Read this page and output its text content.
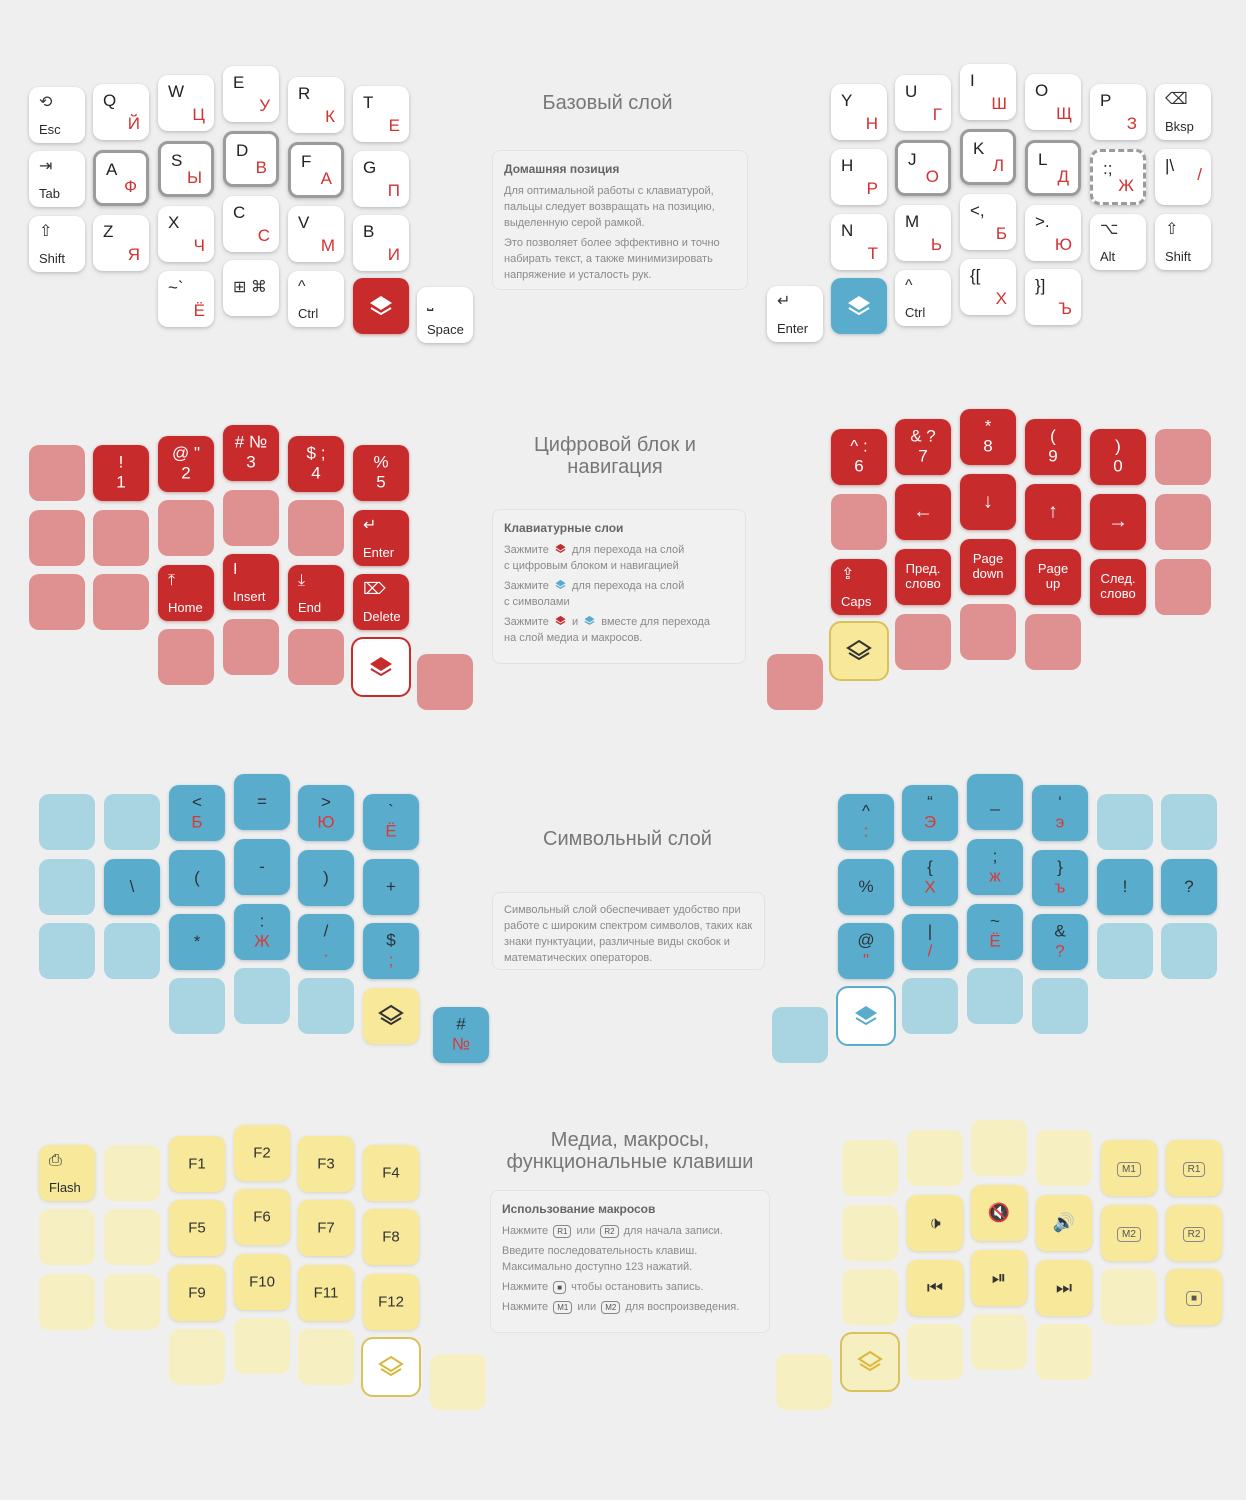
Базовый слой
Домашняя позиция

Для оптимальной работы с клавиатурой, пальцы следует возвращать на позицию, выделенную серой рамкой.

Это позволяет более эффективно и точно набирать текст, а также минимизировать напряжение и усталость рук.

⟲
Esc
Q
Й
W
Ц
E
У
R
К
T
Е
⇥
Tab
A
Ф
S
Ы
D
В F
А
G
П
⇧
Shift
Z
Я
X
Ч
C
С
V
М
B
И
~`
Ё
⊞ ⌘ ^
Ctrl
⎵
Space
Y
Н
U
Г
I
Ш
O
Щ
P
З
⌫
Bksp
H
Р
J
О
K
Л L
Д :;
Ж
|\ /
N
Т
M
Ь
<,
Б
>.
Ю
⌥
Alt
⇧
Shift
↵
Enter
^
Ctrl
{[
Х
}]
Ъ
Цифровой блок и
навигация
Клавиатурные слои

Зажмите для перехода на слой
с цифровым блоком и навигацией

Зажмите для перехода на слой
с символами

Зажмите и вместе для перехода
на слой медиа и макросов.

!
1
@ "
2
# №
3	$ ;
4
%
5
↵
Enter
⤒
Home
I
Insert
⤓
End
⌦
Delete
^ :
6
& ?
7
*
8
(
9
)
0
←	↓	↑	→
⇪
Caps
Пред.
слово
Page
down	Page
up	След.
слово
Символьный слой

Символьный слой обеспечивает удобство при работе с широким спектром символов, таких как знаки пунктуации, различные виды скобок и математических операторов.

<
Б
=	>
Ю
`
Ё
\	(
-
)	+
*
:
Ж
/
.
$
;
#
№
^
:
“
Э
_	‘
э
%
{
Х
;
ж	}
ъ	!	?
@
"
|
/
~
Ё
&
?
Медиа, макросы,
функциональные клавиши
Использование макросов

Нажмите R1 или R2 для начала записи.

Введите последовательность клавиш. Максимально доступно 123 нажатий.

Нажмите ■ чтобы остановить запись.

Нажмите M1 или M2 для воспроизведения.

⎙
Flash
F1
F2
F3
F4
F5
F6
F7
F8
F9
F10
F11
F12
M1	R1
🕩	🔇	🔊
M2	R2
⏮	⏯	⏭
■
